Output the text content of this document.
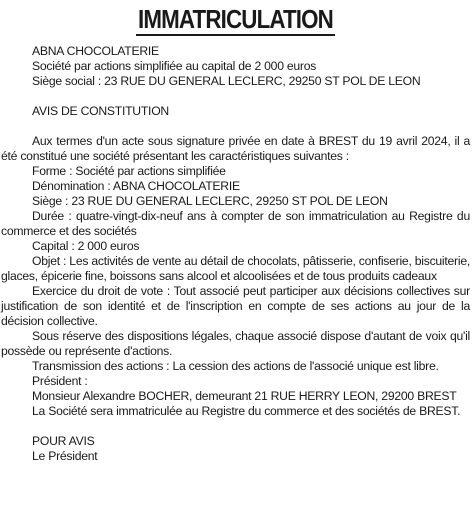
IMMATRICULATION
ABNA CHOCOLATERIE
Société par actions simplifiée au capital de 2 000 euros
Siège social : 23 RUE DU GENERAL LECLERC, 29250 ST POL DE LEON
AVIS DE CONSTITUTION
Aux termes d'un acte sous signature privée en date à BREST du 19 avril 2024, il a été constitué une société présentant les caractéristiques suivantes :
Forme : Société par actions simplifiée
Dénomination : ABNA CHOCOLATERIE
Siège : 23 RUE DU GENERAL LECLERC, 29250 ST POL DE LEON
Durée : quatre-vingt-dix-neuf ans à compter de son immatriculation au Registre du commerce et des sociétés
Capital : 2 000 euros
Objet : Les activités de vente au détail de chocolats, pâtisserie, confiserie, biscuiterie, glaces, épicerie fine, boissons sans alcool et alcoolisées et de tous produits cadeaux
Exercice du droit de vote : Tout associé peut participer aux décisions collectives sur justification de son identité et de l'inscription en compte de ses actions au jour de la décision collective.
Sous réserve des dispositions légales, chaque associé dispose d'autant de voix qu'il possède ou représente d'actions.
Transmission des actions : La cession des actions de l'associé unique est libre.
Président :
Monsieur Alexandre BOCHER, demeurant 21 RUE HERRY LEON, 29200 BREST
La Société sera immatriculée au Registre du commerce et des sociétés de BREST.
POUR AVIS
Le Président
